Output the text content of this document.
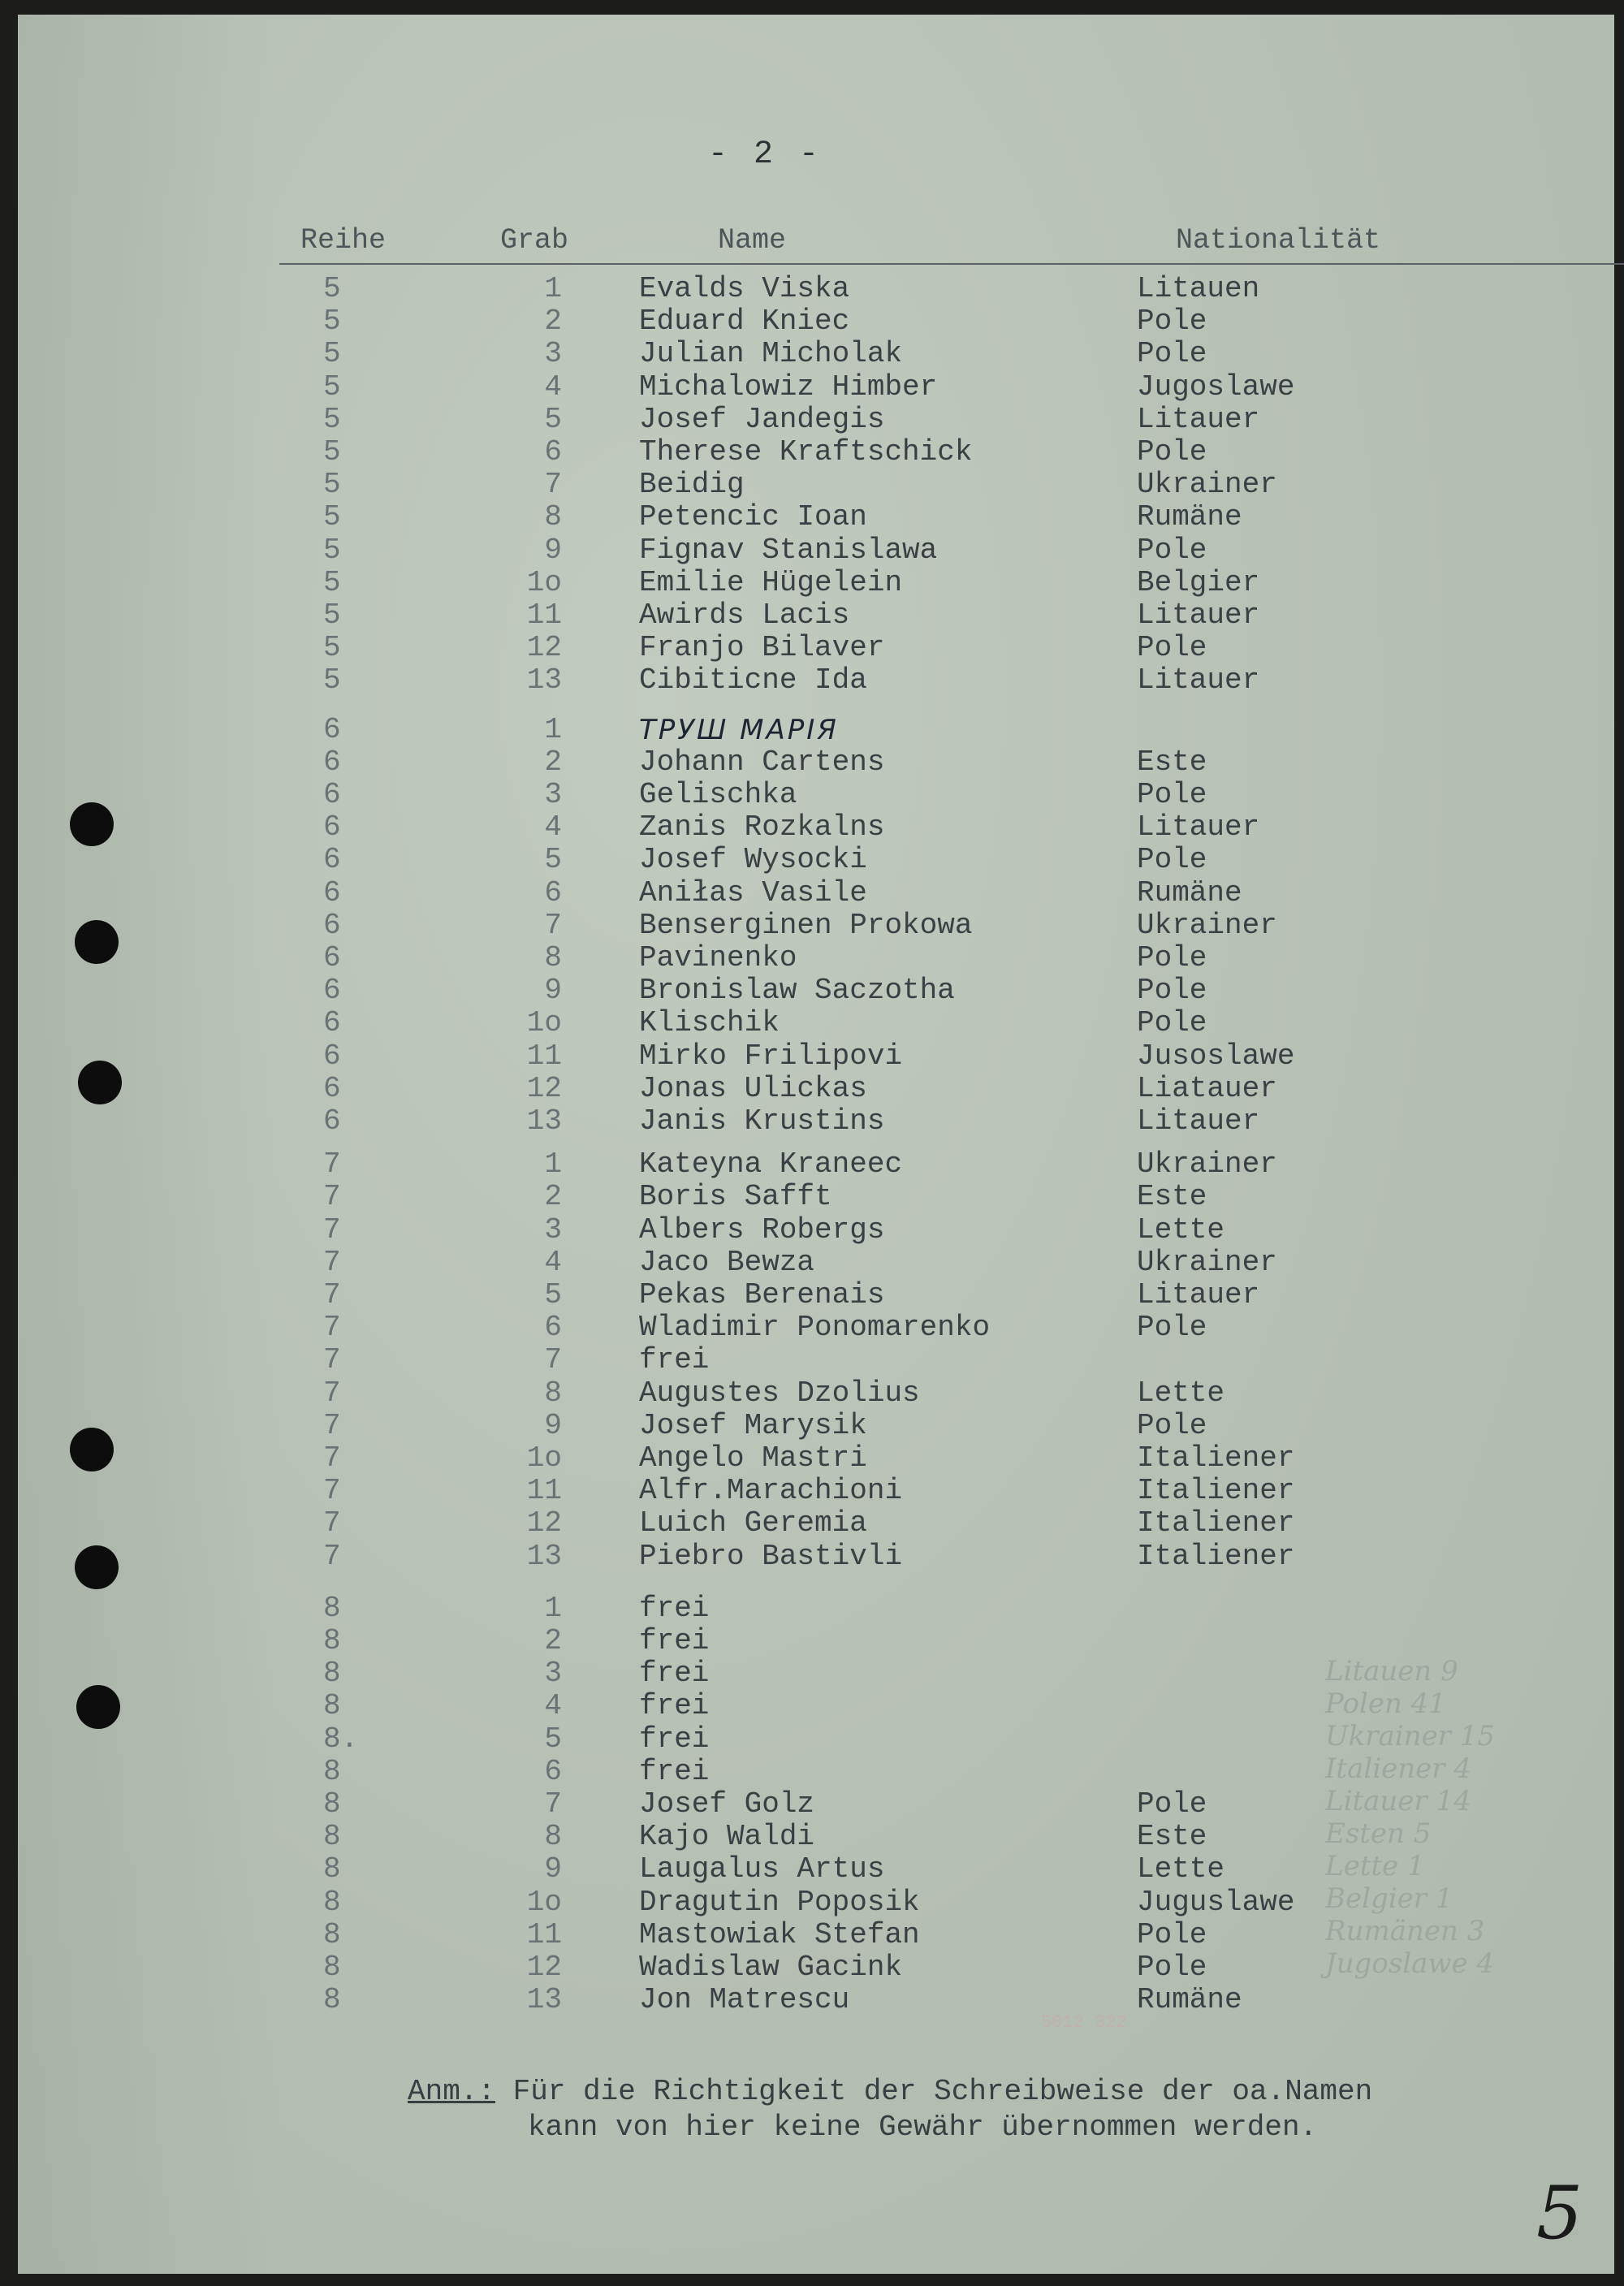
- 2 -
Reihe	Grab	Name	Nationalität
5	1	Evalds Viska	Litauen
5	2	Eduard Kniec	Pole
5	3	Julian Micholak	Pole
5	4	Michalowiz Himber	Jugoslawe
5	5	Josef Jandegis	Litauer
5	6	Therese Kraftschick	Pole
5	7	Beidig	Ukrainer
5	8	Petencic Ioan	Rumäne
5	9	Fignav Stanislawa	Pole
5	1o	Emilie Hügelein	Belgier
5	11	Awirds Lacis	Litauer
5	12	Franjo Bilaver	Pole
5	13	Cibiticne Ida	Litauer
6	1	ТРУШ МАРІЯ
6	2	Johann Cartens	Este
6	3	Gelischka	Pole
6	4	Zanis Rozkalns	Litauer
6	5	Josef Wysocki	Pole
6	6	Aniłas Vasile	Rumäne
6	7	Benserginen Prokowa	Ukrainer
6	8	Pavinenko	Pole
6	9	Bronislaw Saczotha	Pole
6	1o	Klischik	Pole
6	11	Mirko Frilipovi	Jusoslawe
6	12	Jonas Ulickas	Liatauer
6	13	Janis Krustins	Litauer
7	1	Kateyna Kraneec	Ukrainer
7	2	Boris Safft	Este
7	3	Albers Robergs	Lette
7	4	Jaco Bewza	Ukrainer
7	5	Pekas Berenais	Litauer
7	6	Wladimir Ponomarenko	Pole
7	7	frei
7	8	Augustes Dzolius	Lette
7	9	Josef Marysik	Pole
7	1o	Angelo Mastri	Italiener
7	11	Alfr.Marachioni	Italiener
7	12	Luich Geremia	Italiener
7	13	Piebro Bastivli	Italiener
8	1	frei
8	2	frei
8	3	frei
8	4	frei
8.	5	frei
8	6	frei
8	7	Josef Golz	Pole
8	8	Kajo Waldi	Este
8	9	Laugalus Artus	Lette
8	1o	Dragutin Poposik	Juguslawe
8	11	Mastowiak Stefan	Pole
8	12	Wadislaw Gacink	Pole
8	13	Jon Matrescu	Rumäne
Litauen 9
Polen 41
Ukrainer 15
Italiener 4
Litauer 14
Esten 5
Lette 1
Belgier 1
Rumänen 3
Jugoslawe 4
5012 322
Anm.: Für die Richtigkeit der Schreibweise der oa.Namen
kann von hier keine Gewähr übernommen werden.
5
